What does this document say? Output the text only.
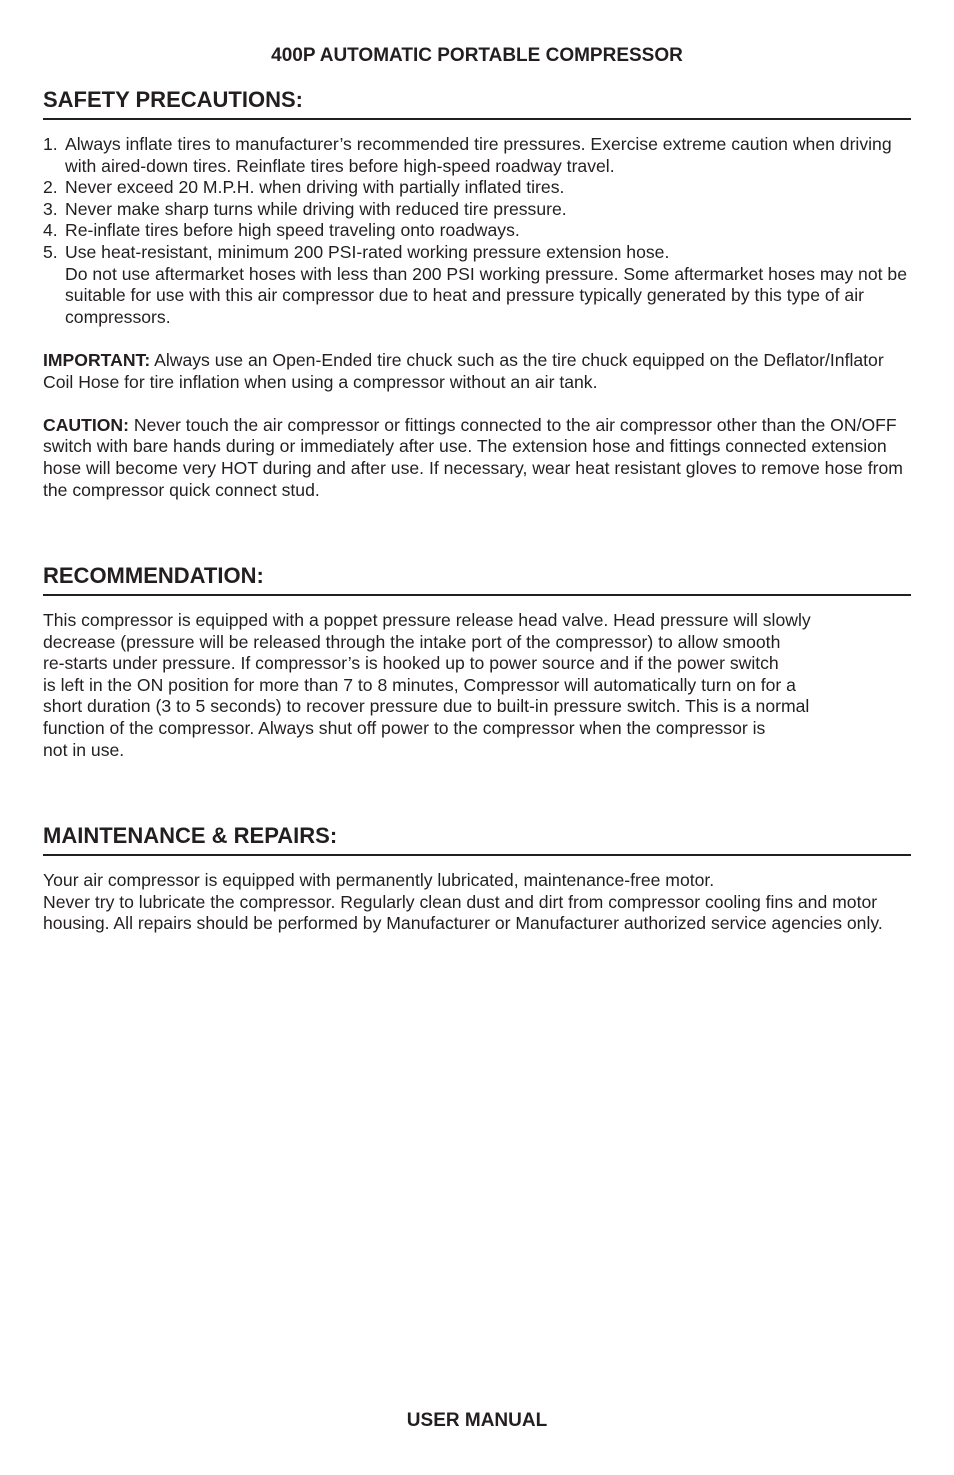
400P AUTOMATIC PORTABLE COMPRESSOR
SAFETY PRECAUTIONS:
1. Always inflate tires to manufacturer’s recommended tire pressures. Exercise extreme caution when driving with aired-down tires. Reinflate tires before high-speed roadway travel.
2. Never exceed 20 M.P.H. when driving with partially inflated tires.
3. Never make sharp turns while driving with reduced tire pressure.
4. Re-inflate tires before high speed traveling onto roadways.
5. Use heat-resistant, minimum 200 PSI-rated working pressure extension hose.
Do not use aftermarket hoses with less than 200 PSI working pressure. Some aftermarket hoses may not be suitable for use with this air compressor due to heat and pressure typically generated by this type of air compressors.

IMPORTANT: Always use an Open-Ended tire chuck such as the tire chuck equipped on the Deflator/Inflator Coil Hose for tire inflation when using a compressor without an air tank.

CAUTION: Never touch the air compressor or fittings connected to the air compressor other than the ON/OFF switch with bare hands during or immediately after use. The extension hose and fittings connected extension hose will become very HOT during and after use. If necessary, wear heat resistant gloves to remove hose from the compressor quick connect stud.

RECOMMENDATION:

This compressor is equipped with a poppet pressure release head valve. Head pressure will slowly
decrease (pressure will be released through the intake port of the compressor) to allow smooth
re-starts under pressure. If compressor’s is hooked up to power source and if the power switch
is left in the ON position for more than 7 to 8 minutes, Compressor will automatically turn on for a
short duration (3 to 5 seconds) to recover pressure due to built-in pressure switch. This is a normal
function of the compressor. Always shut off power to the compressor when the compressor is
not in use.

MAINTENANCE & REPAIRS:

Your air compressor is equipped with permanently lubricated, maintenance-free motor.
Never try to lubricate the compressor. Regularly clean dust and dirt from compressor cooling fins and motor housing. All repairs should be performed by Manufacturer or Manufacturer authorized service agencies only.

USER MANUAL
